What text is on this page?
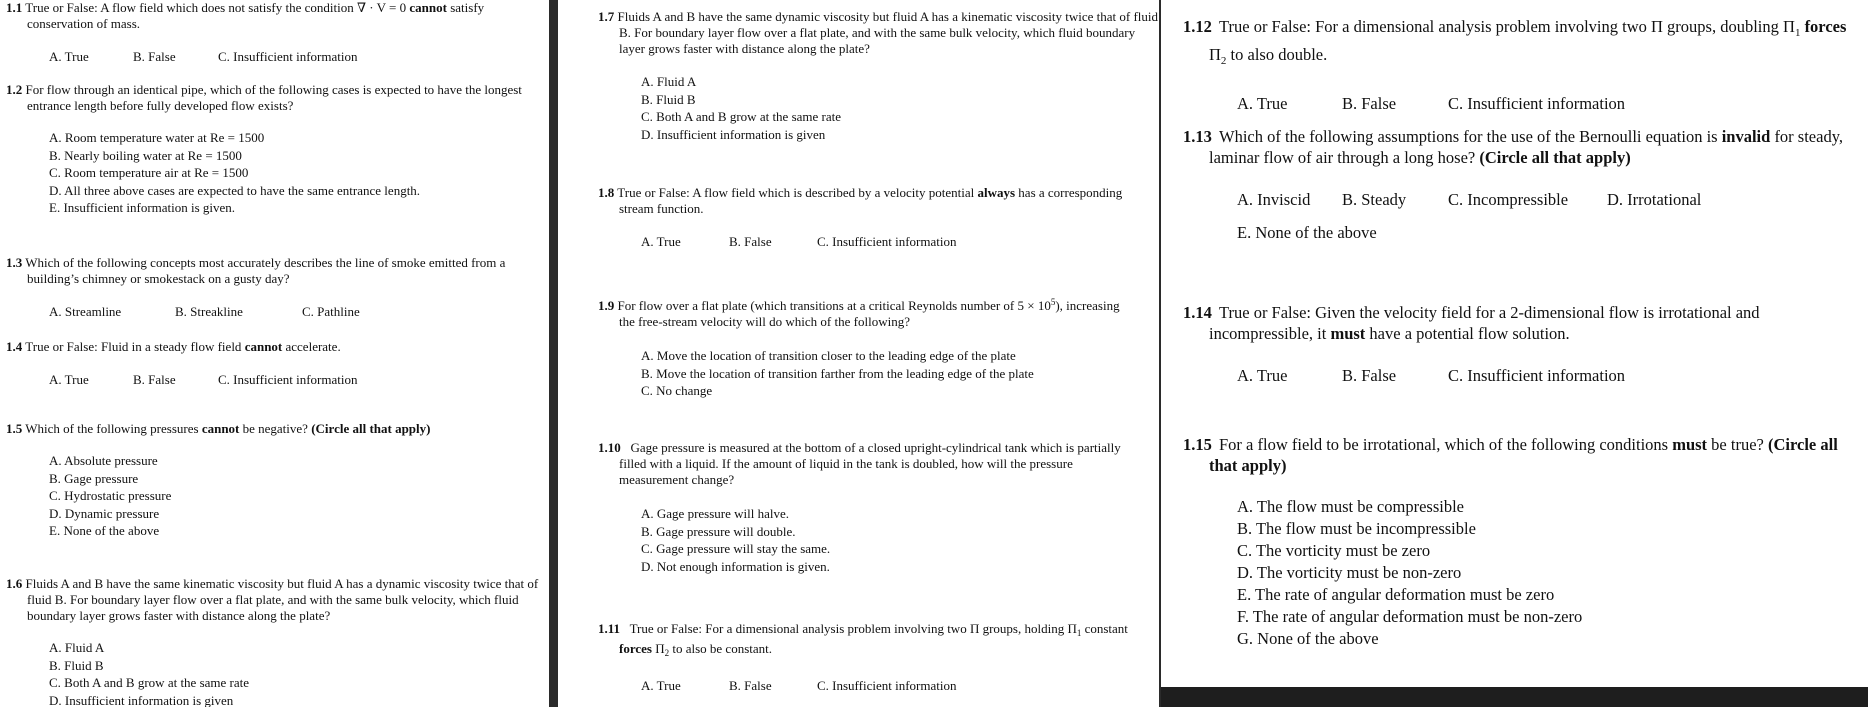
1.1 True or False: A flow field which does not satisfy the condition ∇ · V = 0 cannot satisfy conservation of mass.

A. True	B. False	C. Insufficient information

1.2 For flow through an identical pipe, which of the following cases is expected to have the longest entrance length before fully developed flow exists?

A. Room temperature water at Re = 1500
B. Nearly boiling water at Re = 1500
C. Room temperature air at Re = 1500
D. All three above cases are expected to have the same entrance length.
E. Insufficient information is given.

1.3 Which of the following concepts most accurately describes the line of smoke emitted from a building’s chimney or smokestack on a gusty day?

A. Streamline	B. Streakline	C. Pathline

1.4 True or False: Fluid in a steady flow field cannot accelerate.

A. True	B. False	C. Insufficient information

1.5 Which of the following pressures cannot be negative? (Circle all that apply)

A. Absolute pressure
B. Gage pressure
C. Hydrostatic pressure
D. Dynamic pressure
E. None of the above

1.6 Fluids A and B have the same kinematic viscosity but fluid A has a dynamic viscosity twice that of fluid B. For boundary layer flow over a flat plate, and with the same bulk velocity, which fluid boundary layer grows faster with distance along the plate?

A. Fluid A
B. Fluid B
C. Both A and B grow at the same rate
D. Insufficient information is given

1.7 Fluids A and B have the same dynamic viscosity but fluid A has a kinematic viscosity twice that of fluid B. For boundary layer flow over a flat plate, and with the same bulk velocity, which fluid boundary layer grows faster with distance along the plate?

A. Fluid A
B. Fluid B
C. Both A and B grow at the same rate
D. Insufficient information is given

1.8 True or False: A flow field which is described by a velocity potential always has a corresponding stream function.

A. True	B. False	C. Insufficient information

1.9 For flow over a flat plate (which transitions at a critical Reynolds number of $5 \times 10^5$), increasing the free-stream velocity will do which of the following?

A. Move the location of transition closer to the leading edge of the plate
B. Move the location of transition farther from the leading edge of the plate
C. No change

1.10 Gage pressure is measured at the bottom of a closed upright-cylindrical tank which is partially filled with a liquid. If the amount of liquid in the tank is doubled, how will the pressure measurement change?

A. Gage pressure will halve.
B. Gage pressure will double.
C. Gage pressure will stay the same.
D. Not enough information is given.

1.11 True or False: For a dimensional analysis problem involving two Π groups, holding $\Pi_1$ constant forces $\Pi_2$ to also be constant.

A. True	B. False	C. Insufficient information

1.12 True or False: For a dimensional analysis problem involving two Π groups, doubling $\Pi_1$ forces $\Pi_2$ to also double.

A. True	B. False	C. Insufficient information

1.13 Which of the following assumptions for the use of the Bernoulli equation is invalid for steady, laminar flow of air through a long hose? (Circle all that apply)

A. Inviscid	B. Steady	C. Incompressible	D. Irrotational
E. None of the above

1.14 True or False: Given the velocity field for a 2-dimensional flow is irrotational and incompressible, it must have a potential flow solution.

A. True	B. False	C. Insufficient information

1.15 For a flow field to be irrotational, which of the following conditions must be true? (Circle all that apply)

A. The flow must be compressible
B. The flow must be incompressible
C. The vorticity must be zero
D. The vorticity must be non-zero
E. The rate of angular deformation must be zero
F. The rate of angular deformation must be non-zero
G. None of the above
